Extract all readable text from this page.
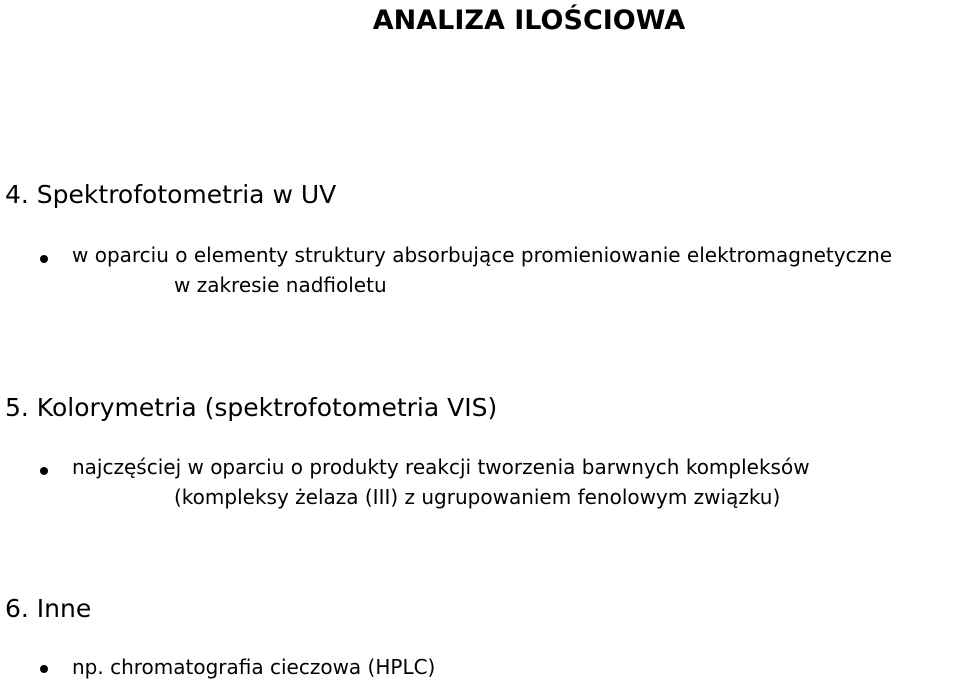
ANALIZA ILOŚCIOWA
4. Spektrofotometria w UV
w oparciu o elementy struktury absorbujące promieniowanie elektromagnetyczne
w zakresie nadfioletu
5. Kolorymetria (spektrofotometria VIS)
najczęściej w oparciu o produkty reakcji tworzenia barwnych kompleksów
(kompleksy żelaza (III) z ugrupowaniem fenolowym związku)
6. Inne
np. chromatografia cieczowa (HPLC)
